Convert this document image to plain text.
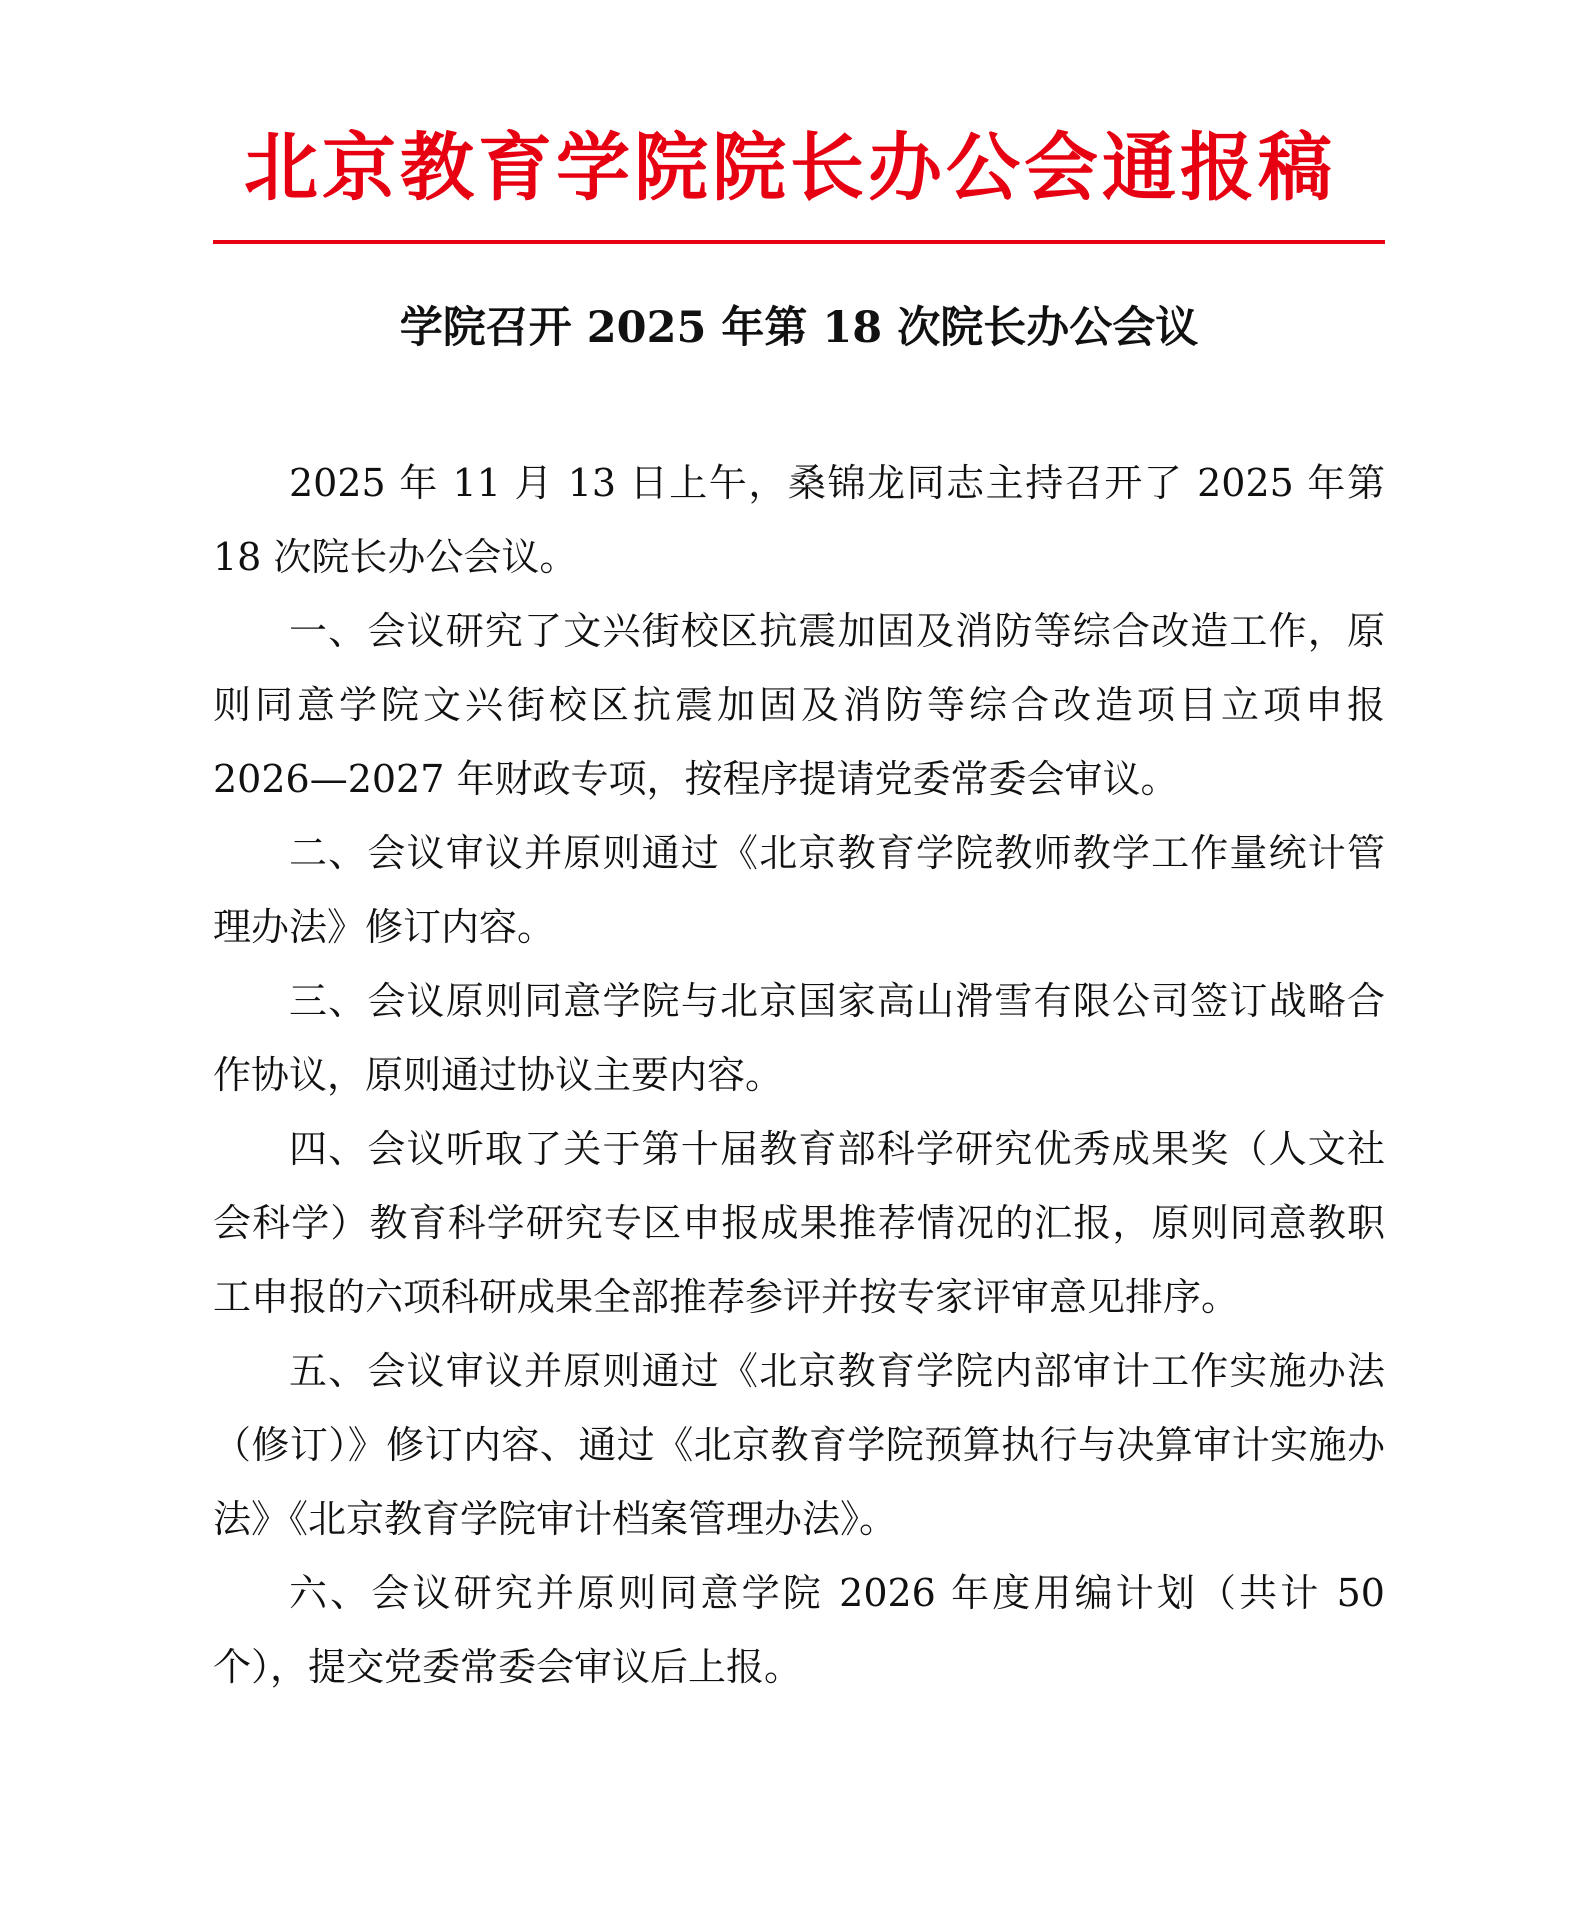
北京教育学院院长办公会通报稿
学院召开 2025 年第 18 次院长办公会议

2025 年 11 月 13 日上午，桑锦龙同志主持召开了 2025 年第 18 次院长办公会议。

一、会议研究了文兴街校区抗震加固及消防等综合改造工作，原则同意学院文兴街校区抗震加固及消防等综合改造项目立项申报 2026—2027 年财政专项，按程序提请党委常委会审议。

二、会议审议并原则通过《北京教育学院教师教学工作量统计管理办法》修订内容。

三、会议原则同意学院与北京国家高山滑雪有限公司签订战略合作协议，原则通过协议主要内容。

四、会议听取了关于第十届教育部科学研究优秀成果奖（人文社会科学）教育科学研究专区申报成果推荐情况的汇报，原则同意教职工申报的六项科研成果全部推荐参评并按专家评审意见排序。

五、会议审议并原则通过《北京教育学院内部审计工作实施办法（修订）》修订内容、通过《北京教育学院预算执行与决算审计实施办法》《北京教育学院审计档案管理办法》。

六、会议研究并原则同意学院 2026 年度用编计划（共计 50 个），提交党委常委会审议后上报。
